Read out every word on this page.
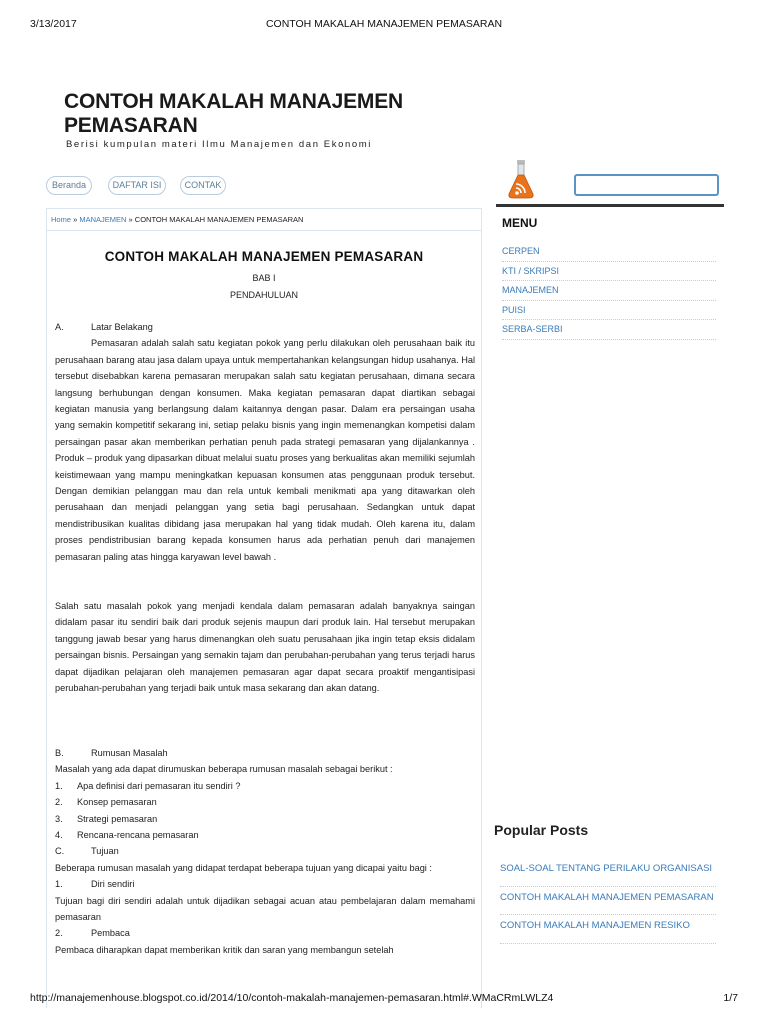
3/13/2017	CONTOH MAKALAH MANAJEMEN PEMASARAN
CONTOH MAKALAH MANAJEMEN PEMASARAN
Berisi kumpulan materi Ilmu Manajemen dan Ekonomi
Beranda	DAFTAR ISI	CONTAK
Home » MANAJEMEN » CONTOH MAKALAH MANAJEMEN PEMASARAN
CONTOH MAKALAH MANAJEMEN PEMASARAN
BAB I
PENDAHULUAN
A.	Latar Belakang

Pemasaran adalah salah satu kegiatan pokok yang perlu dilakukan oleh perusahaan baik itu perusahaan barang atau jasa dalam upaya untuk mempertahankan kelangsungan hidup usahanya. Hal tersebut disebabkan karena pemasaran merupakan salah satu kegiatan perusahaan, dimana secara langsung berhubungan dengan konsumen. Maka kegiatan pemasaran dapat diartikan sebagai kegiatan manusia yang berlangsung dalam kaitannya dengan pasar. Dalam era persaingan usaha yang semakin kompetitif sekarang ini, setiap pelaku bisnis yang ingin memenangkan kompetisi dalam persaingan pasar akan memberikan perhatian penuh pada strategi pemasaran yang dijalankannya . Produk – produk yang dipasarkan dibuat melalui suatu proses yang berkualitas akan memiliki sejumlah keistimewaan yang mampu meningkatkan kepuasan konsumen atas penggunaan produk tersebut. Dengan demikian pelanggan mau dan rela untuk kembali menikmati apa yang ditawarkan oleh perusahaan dan menjadi pelanggan yang setia bagi perusahaan. Sedangkan untuk dapat mendistribusikan kualitas dibidang jasa merupakan hal yang tidak mudah. Oleh karena itu, dalam proses pendistribusian barang kepada konsumen harus ada perhatian penuh dari manajemen pemasaran paling atas hingga karyawan level bawah .

Salah satu masalah pokok yang menjadi kendala dalam pemasaran adalah banyaknya saingan didalam pasar itu sendiri baik dari produk sejenis maupun dari produk lain. Hal tersebut merupakan tanggung jawab besar yang harus dimenangkan oleh suatu perusahaan jika ingin tetap eksis didalam persaingan bisnis. Persaingan yang semakin tajam dan perubahan-perubahan yang terus terjadi harus dapat dijadikan pelajaran oleh manajemen pemasaran agar dapat secara proaktif mengantisipasi perubahan-perubahan yang terjadi baik untuk masa sekarang dan akan datang.

B.	Rumusan Masalah

Masalah yang ada dapat dirumuskan beberapa rumusan masalah sebagai berikut :

1.	Apa definisi dari pemasaran itu sendiri ?
2.	Konsep pemasaran
3.	Strategi pemasaran
4.	Rencana-rencana pemasaran
C.	Tujuan

Beberapa rumusan masalah yang didapat terdapat beberapa tujuan yang dicapai yaitu bagi :

1.	Diri sendiri

Tujuan bagi diri sendiri adalah untuk dijadikan sebagai acuan atau pembelajaran dalam memahami pemasaran

2.	Pembaca

Pembaca diharapkan dapat memberikan kritik dan saran yang membangun setelah

MENU
CERPEN
KTI / SKRIPSI
MANAJEMEN
PUISI
SERBA-SERBI
Popular Posts
SOAL-SOAL TENTANG PERILAKU ORGANISASI
CONTOH MAKALAH MANAJEMEN PEMASARAN
CONTOH MAKALAH MANAJEMEN RESIKO
http://manajemenhouse.blogspot.co.id/2014/10/contoh-makalah-manajemen-pemasaran.html#.WMaCRmLWLZ4	1/7
